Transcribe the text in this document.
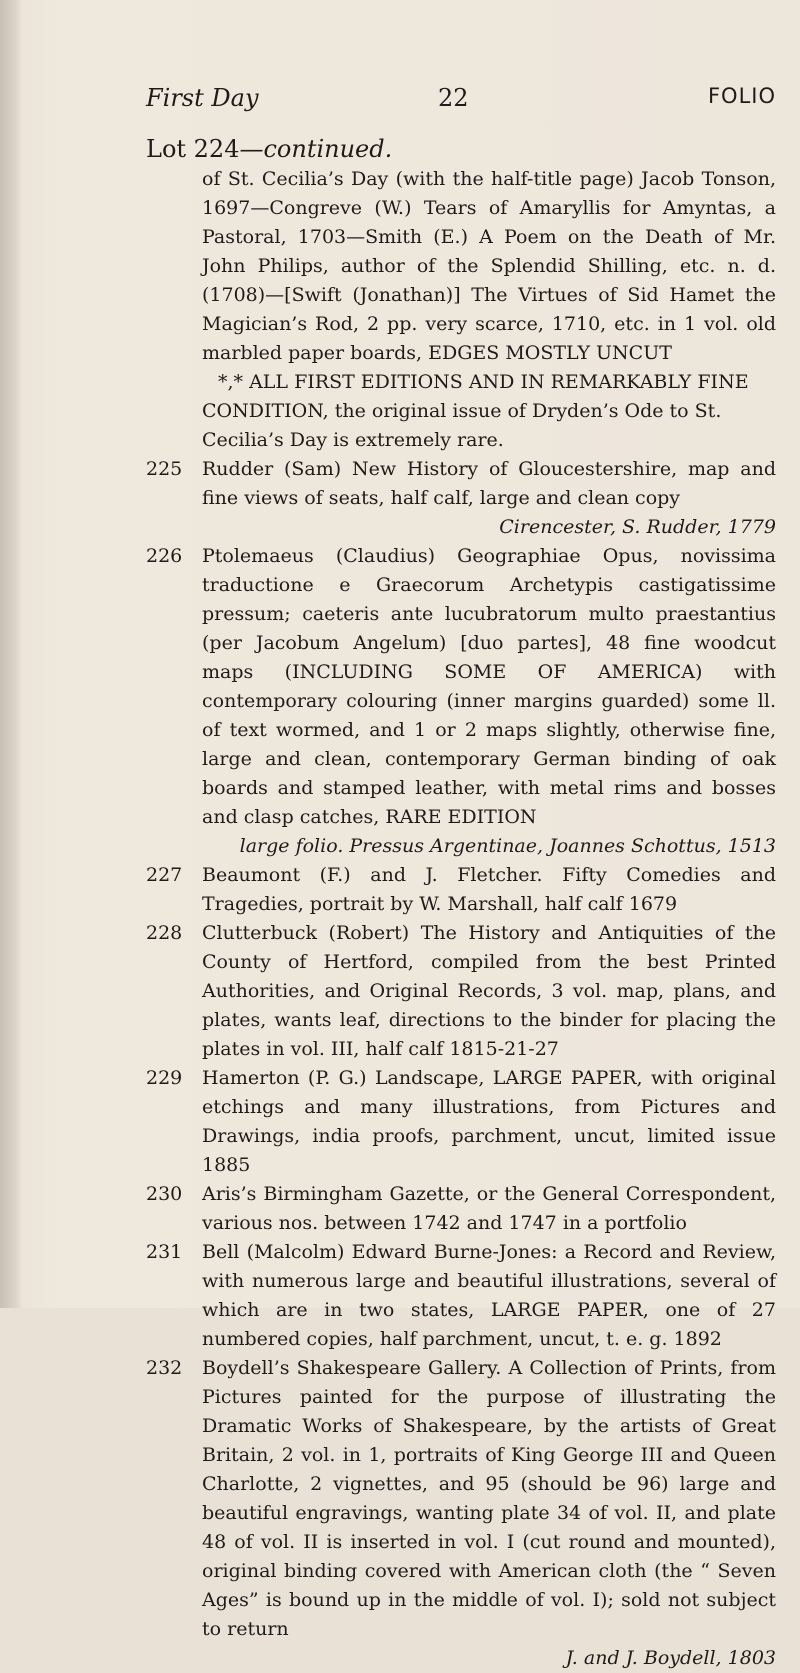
First Day	22	FOLIO
Lot 224—continued.
of St. Cecilia’s Day (with the half-title page) Jacob Tonson, 1697—Congreve (W.) Tears of Amaryllis for Amyntas, a Pastoral, 1703—Smith (E.) A Poem on the Death of Mr. John Philips, author of the Splendid Shilling, etc. n. d. (1708)—[Swift (Jonathan)] The Virtues of Sid Hamet the Magician’s Rod, 2 pp. very scarce, 1710, etc. in 1 vol. old marbled paper boards, EDGES MOSTLY UNCUT
*,* ALL FIRST EDITIONS AND IN REMARKABLY FINE CONDITION, the original issue of Dryden’s Ode to St. Cecilia’s Day is extremely rare.
225	Rudder (Sam) New History of Gloucestershire, map and fine views of seats, half calf, large and clean copy
Cirencester, S. Rudder, 1779
226	Ptolemaeus (Claudius) Geographiae Opus, novissima traductione e Graecorum Archetypis castigatissime pressum; caeteris ante lucubratorum multo praestantius (per Jacobum Angelum) [duo partes], 48 fine woodcut maps (INCLUDING SOME OF AMERICA) with contemporary colouring (inner margins guarded) some ll. of text wormed, and 1 or 2 maps slightly, otherwise fine, large and clean, contemporary German binding of oak boards and stamped leather, with metal rims and bosses and clasp catches, RARE EDITION
large folio. Pressus Argentinae, Joannes Schottus, 1513
227	Beaumont (F.) and J. Fletcher. Fifty Comedies and Tragedies, portrait by W. Marshall, half calf 1679
228	Clutterbuck (Robert) The History and Antiquities of the County of Hertford, compiled from the best Printed Authorities, and Original Records, 3 vol. map, plans, and plates, wants leaf, directions to the binder for placing the plates in vol. III, half calf 1815-21-27
229	Hamerton (P. G.) Landscape, LARGE PAPER, with original etchings and many illustrations, from Pictures and Drawings, india proofs, parchment, uncut, limited issue 1885
230	Aris’s Birmingham Gazette, or the General Correspondent, various nos. between 1742 and 1747 in a portfolio
231	Bell (Malcolm) Edward Burne-Jones: a Record and Review, with numerous large and beautiful illustrations, several of which are in two states, LARGE PAPER, one of 27 numbered copies, half parchment, uncut, t. e. g. 1892
232	Boydell’s Shakespeare Gallery. A Collection of Prints, from Pictures painted for the purpose of illustrating the Dramatic Works of Shakespeare, by the artists of Great Britain, 2 vol. in 1, portraits of King George III and Queen Charlotte, 2 vignettes, and 95 (should be 96) large and beautiful engravings, wanting plate 34 of vol. II, and plate 48 of vol. II is inserted in vol. I (cut round and mounted), original binding covered with American cloth (the “ Seven Ages” is bound up in the middle of vol. I); sold not subject to return
J. and J. Boydell, 1803
